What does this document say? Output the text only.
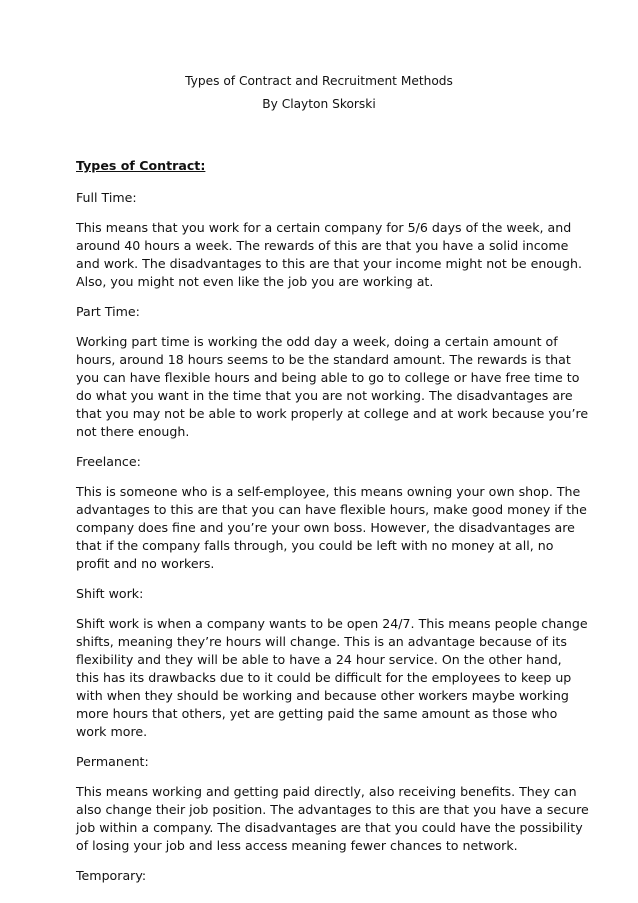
Types of Contract and Recruitment Methods
By Clayton Skorski
Types of Contract:
Full Time:
This means that you work for a certain company for 5/6 days of the week, and
around 40 hours a week. The rewards of this are that you have a solid income
and work. The disadvantages to this are that your income might not be enough.
Also, you might not even like the job you are working at.
Part Time:
Working part time is working the odd day a week, doing a certain amount of
hours, around 18 hours seems to be the standard amount. The rewards is that
you can have flexible hours and being able to go to college or have free time to
do what you want in the time that you are not working. The disadvantages are
that you may not be able to work properly at college and at work because you’re
not there enough.
Freelance:
This is someone who is a self-employee, this means owning your own shop. The
advantages to this are that you can have flexible hours, make good money if the
company does fine and you’re your own boss. However, the disadvantages are
that if the company falls through, you could be left with no money at all, no
profit and no workers.
Shift work:
Shift work is when a company wants to be open 24/7. This means people change
shifts, meaning they’re hours will change. This is an advantage because of its
flexibility and they will be able to have a 24 hour service. On the other hand,
this has its drawbacks due to it could be difficult for the employees to keep up
with when they should be working and because other workers maybe working
more hours that others, yet are getting paid the same amount as those who
work more.
Permanent:
This means working and getting paid directly, also receiving benefits. They can
also change their job position. The advantages to this are that you have a secure
job within a company. The disadvantages are that you could have the possibility
of losing your job and less access meaning fewer chances to network.
Temporary:
